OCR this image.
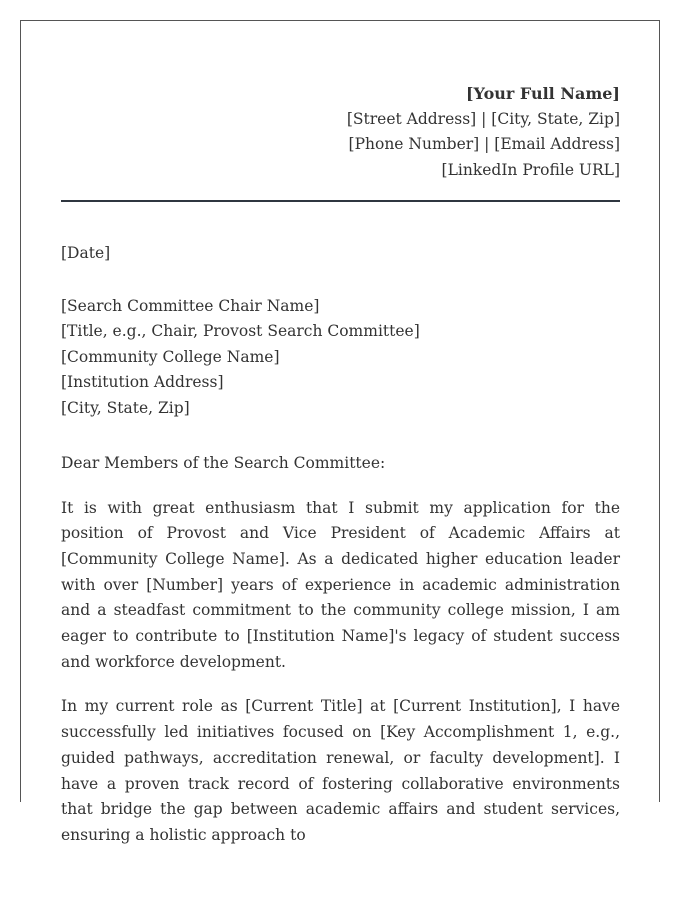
[Your Full Name]
[Street Address] | [City, State, Zip]
[Phone Number] | [Email Address]
[LinkedIn Profile URL]
[Date]
[Search Committee Chair Name]
[Title, e.g., Chair, Provost Search Committee]
[Community College Name]
[Institution Address]
[City, State, Zip]
Dear Members of the Search Committee:
It is with great enthusiasm that I submit my application for the position of Provost and Vice President of Academic Affairs at [Community College Name]. As a dedicated higher education leader with over [Number] years of experience in academic administration and a steadfast commitment to the community college mission, I am eager to contribute to [Institution Name]'s legacy of student success and workforce development.
In my current role as [Current Title] at [Current Institution], I have successfully led initiatives focused on [Key Accomplishment 1, e.g., guided pathways, accreditation renewal, or faculty development]. I have a proven track record of fostering collaborative environments that bridge the gap between academic affairs and student services, ensuring a holistic approach to
